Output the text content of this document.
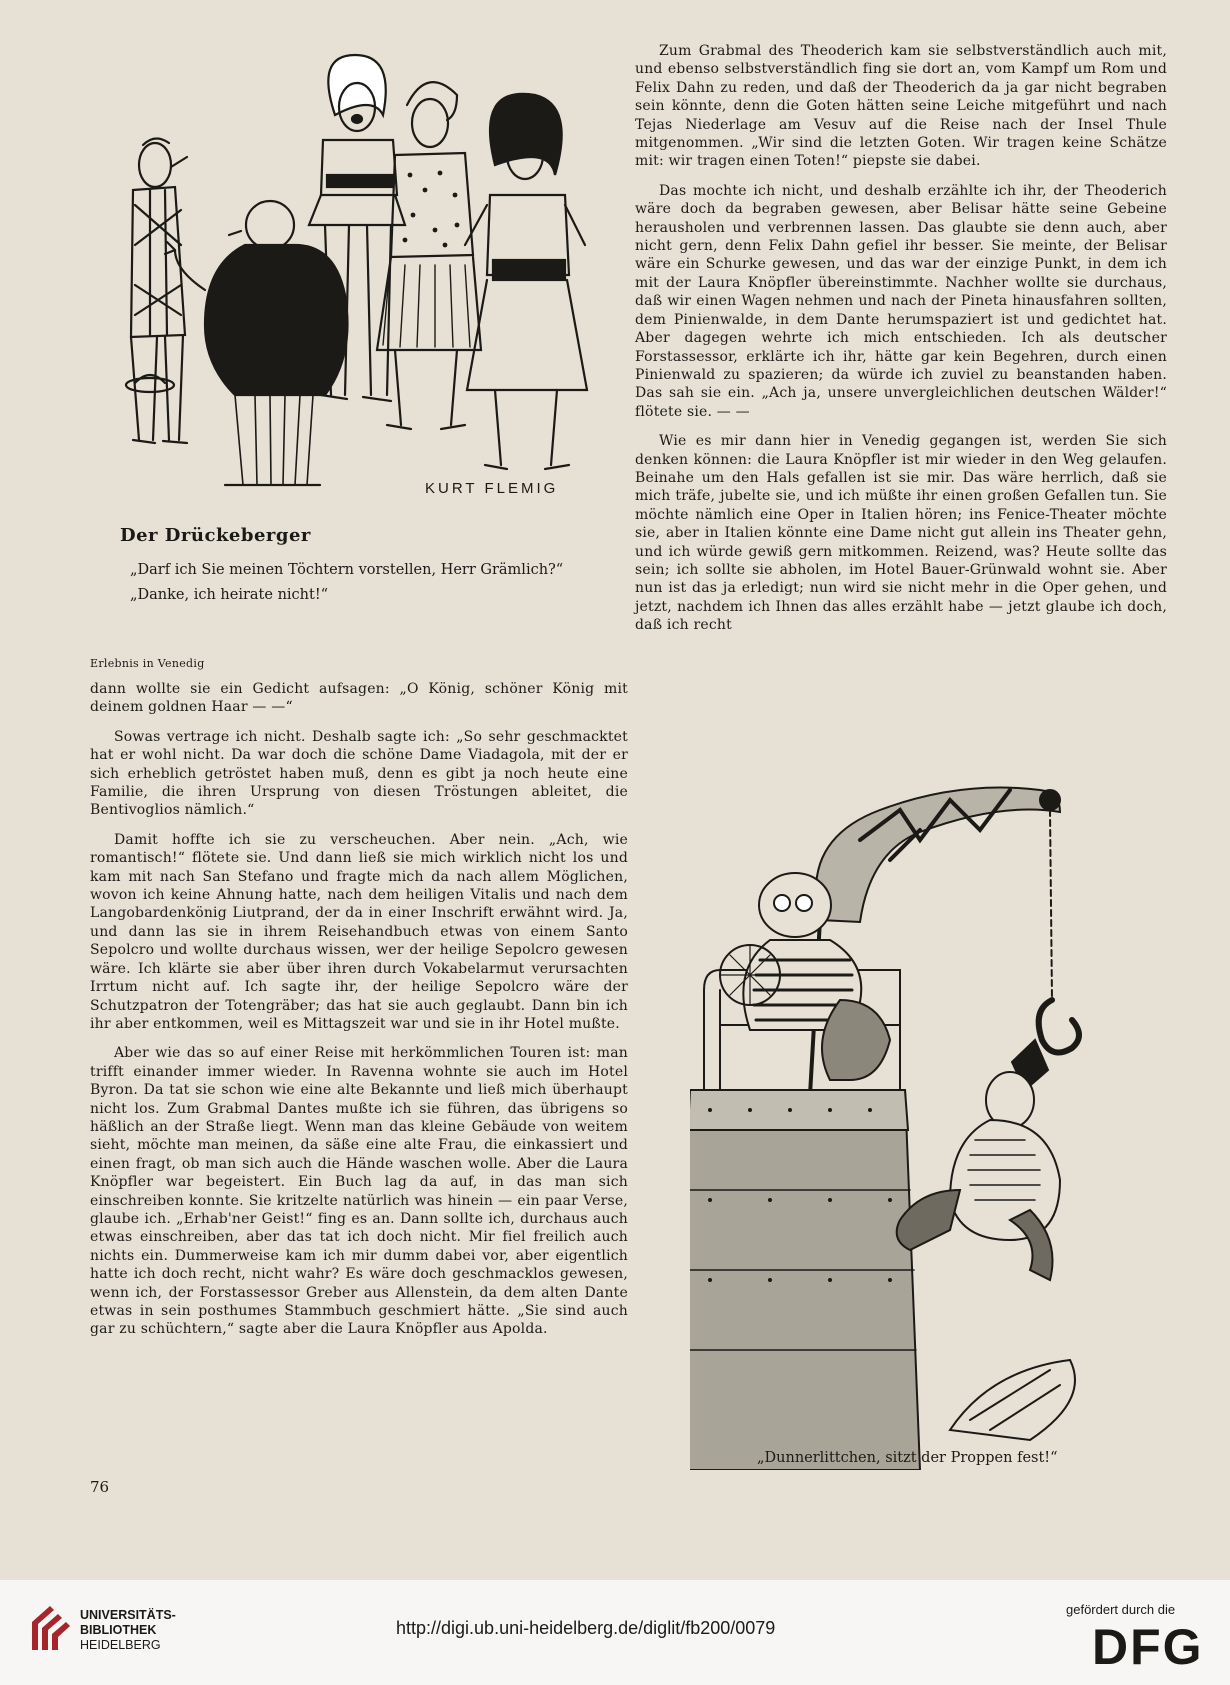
KURT FLEMIG
Der Drückeberger
„Darf ich Sie meinen Töchtern vorstellen, Herr Grämlich?“
„Danke, ich heirate nicht!“
Erlebnis in Venedig

dann wollte sie ein Gedicht aufsagen: „O König, schöner König mit deinem goldnen Haar — —“

Sowas vertrage ich nicht. Deshalb sagte ich: „So sehr geschmacktet hat er wohl nicht. Da war doch die schöne Dame Viadagola, mit der er sich erheblich getröstet haben muß, denn es gibt ja noch heute eine Familie, die ihren Ursprung von diesen Tröstungen ableitet, die Bentivoglios nämlich.“

Damit hoffte ich sie zu verscheuchen. Aber nein. „Ach, wie romantisch!“ flötete sie. Und dann ließ sie mich wirklich nicht los und kam mit nach San Stefano und fragte mich da nach allem Möglichen, wovon ich keine Ahnung hatte, nach dem heiligen Vitalis und nach dem Langobardenkönig Liutprand, der da in einer Inschrift erwähnt wird. Ja, und dann las sie in ihrem Reisehandbuch etwas von einem Santo Sepolcro und wollte durchaus wissen, wer der heilige Sepolcro gewesen wäre. Ich klärte sie aber über ihren durch Vokabelarmut verursachten Irrtum nicht auf. Ich sagte ihr, der heilige Sepolcro wäre der Schutzpatron der Totengräber; das hat sie auch geglaubt. Dann bin ich ihr aber entkommen, weil es Mittagszeit war und sie in ihr Hotel mußte.

Aber wie das so auf einer Reise mit herkömmlichen Touren ist: man trifft einander immer wieder. In Ravenna wohnte sie auch im Hotel Byron. Da tat sie schon wie eine alte Bekannte und ließ mich überhaupt nicht los. Zum Grabmal Dantes mußte ich sie führen, das übrigens so häßlich an der Straße liegt. Wenn man das kleine Gebäude von weitem sieht, möchte man meinen, da säße eine alte Frau, die einkassiert und einen fragt, ob man sich auch die Hände waschen wolle. Aber die Laura Knöpfler war begeistert. Ein Buch lag da auf, in das man sich einschreiben konnte. Sie kritzelte natürlich was hinein — ein paar Verse, glaube ich. „Erhab'ner Geist!“ fing es an. Dann sollte ich, durchaus auch etwas einschreiben, aber das tat ich doch nicht. Mir fiel freilich auch nichts ein. Dummerweise kam ich mir dumm dabei vor, aber eigentlich hatte ich doch recht, nicht wahr? Es wäre doch geschmacklos gewesen, wenn ich, der Forstassessor Greber aus Allenstein, da dem alten Dante etwas in sein posthumes Stammbuch geschmiert hätte. „Sie sind auch gar zu schüchtern,“ sagte aber die Laura Knöpfler aus Apolda.

76

Zum Grabmal des Theoderich kam sie selbstverständlich auch mit, und ebenso selbstverständlich fing sie dort an, vom Kampf um Rom und Felix Dahn zu reden, und daß der Theoderich da ja gar nicht begraben sein könnte, denn die Goten hätten seine Leiche mitgeführt und nach Tejas Niederlage am Vesuv auf die Reise nach der Insel Thule mitgenommen. „Wir sind die letzten Goten. Wir tragen keine Schätze mit: wir tragen einen Toten!“ piepste sie dabei.

Das mochte ich nicht, und deshalb erzählte ich ihr, der Theoderich wäre doch da begraben gewesen, aber Belisar hätte seine Gebeine herausholen und verbrennen lassen. Das glaubte sie denn auch, aber nicht gern, denn Felix Dahn gefiel ihr besser. Sie meinte, der Belisar wäre ein Schurke gewesen, und das war der einzige Punkt, in dem ich mit der Laura Knöpfler übereinstimmte. Nachher wollte sie durchaus, daß wir einen Wagen nehmen und nach der Pineta hinausfahren sollten, dem Pinienwalde, in dem Dante herumspaziert ist und gedichtet hat. Aber dagegen wehrte ich mich entschieden. Ich als deutscher Forstassessor, erklärte ich ihr, hätte gar kein Begehren, durch einen Pinienwald zu spazieren; da würde ich zuviel zu beanstanden haben. Das sah sie ein. „Ach ja, unsere unvergleichlichen deutschen Wälder!“ flötete sie. — —

Wie es mir dann hier in Venedig gegangen ist, werden Sie sich denken können: die Laura Knöpfler ist mir wieder in den Weg gelaufen. Beinahe um den Hals gefallen ist sie mir. Das wäre herrlich, daß sie mich träfe, jubelte sie, und ich müßte ihr einen großen Gefallen tun. Sie möchte nämlich eine Oper in Italien hören; ins Fenice-Theater möchte sie, aber in Italien könnte eine Dame nicht gut allein ins Theater gehn, und ich würde gewiß gern mitkommen. Reizend, was? Heute sollte das sein; ich sollte sie abholen, im Hotel Bauer-Grünwald wohnt sie. Aber nun ist das ja erledigt; nun wird sie nicht mehr in die Oper gehen, und jetzt, nachdem ich Ihnen das alles erzählt habe — jetzt glaube ich doch, daß ich recht

„Dunnerlittchen, sitzt der Proppen fest!“
UNIVERSITÄTS-
BIBLIOTHEK
HEIDELBERG
http://digi.ub.uni-heidelberg.de/diglit/fb200/0079
gefördert durch die
DFG
